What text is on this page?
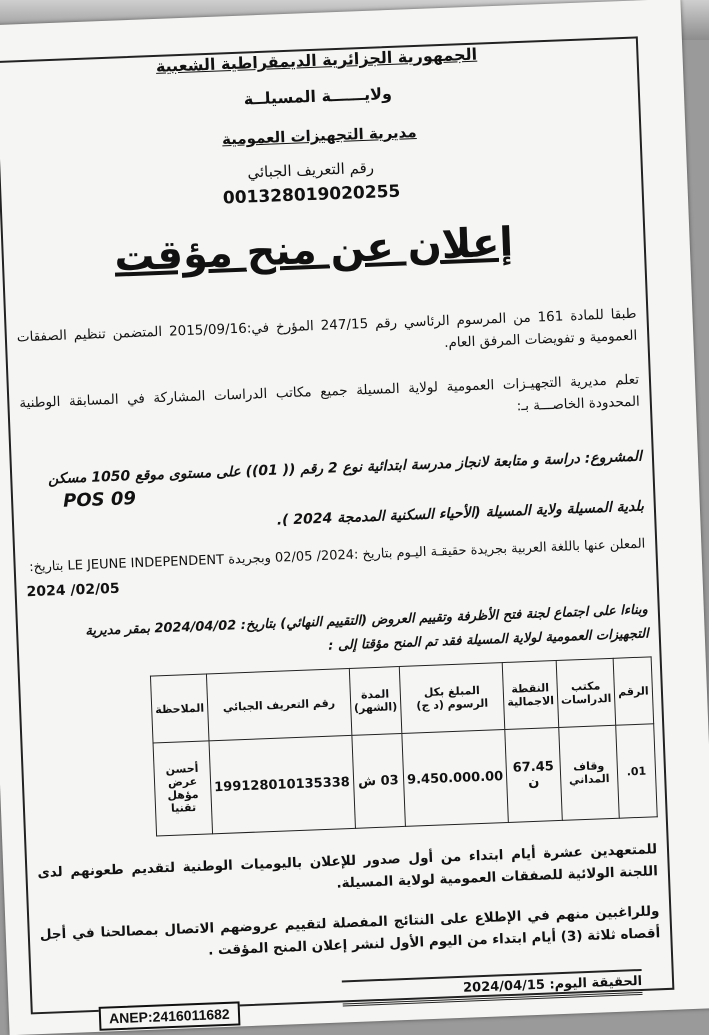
الجمهورية الجزائرية الديمقراطية الشعبية
ولايــــــة المسيلــة
مديرية التجهيزات العمومية
رقم التعريف الجبائي
001328019020255
إعلان عن منح مؤقت
طبقا للمادة 161 من المرسوم الرئاسي رقم 247/15 المؤرخ في:2015/09/16 المتضمن تنظيم الصفقات العمومية و تفويضات المرفق العام.
تعلم مديرية التجهيـزات العمومية لولاية المسيلة جميع مكاتب الدراسات المشاركة في المسابقة الوطنية المحدودة الخاصـــة بـ:
المشروع: دراسة و متابعة لانجاز مدرسة ابتدائية نوع 2 رقم (( 01)) على مستوى موقع 1050 مسكن
POS 09
بلدية المسيلة ولاية المسيلة (الأحياء السكنية المدمجة 2024 ).
المعلن عنها باللغة العربية بجريدة حقيقـة اليـوم بتاريخ :2024/ 02/05 وبجريدة LE JEUNE INDEPENDENT بتاريخ:
2024 /02/05
وبناءا على اجتماع لجنة فتح الأظرفة وتقييم العروض (التقييم النهائي) بتاريخ: 2024/04/02 بمقر مديرية التجهيزات العمومية لولاية المسيلة فقد تم المنح مؤقتا إلى :
الرقم	مكتب الدراسات	النقطة الاجمالية	المبلغ بكل الرسوم (د ج)	المدة (الشهر)	رقم التعريف الجبائي	الملاحظة
01.	وقاف المداني	67.45 ن	9.450.000.00	03 ش	199128010135338	أحسن عرض مؤهل تقنيا
للمتعهدين عشرة أيام ابتداء من أول صدور للإعلان باليوميات الوطنية لتقديم طعونهم لدى اللجنة الولائية للصفقات العمومية لولاية المسيلة.
وللراغبين منهم في الإطلاع على النتائج المفصلة لتقييم عروضهم الاتصال بمصالحنا في أجل أقصاه ثلاثة (3) أيام ابتداء من اليوم الأول لنشر إعلان المنح المؤقت .
الحقيقة اليوم: 2024/04/15
ANEP:2416011682
